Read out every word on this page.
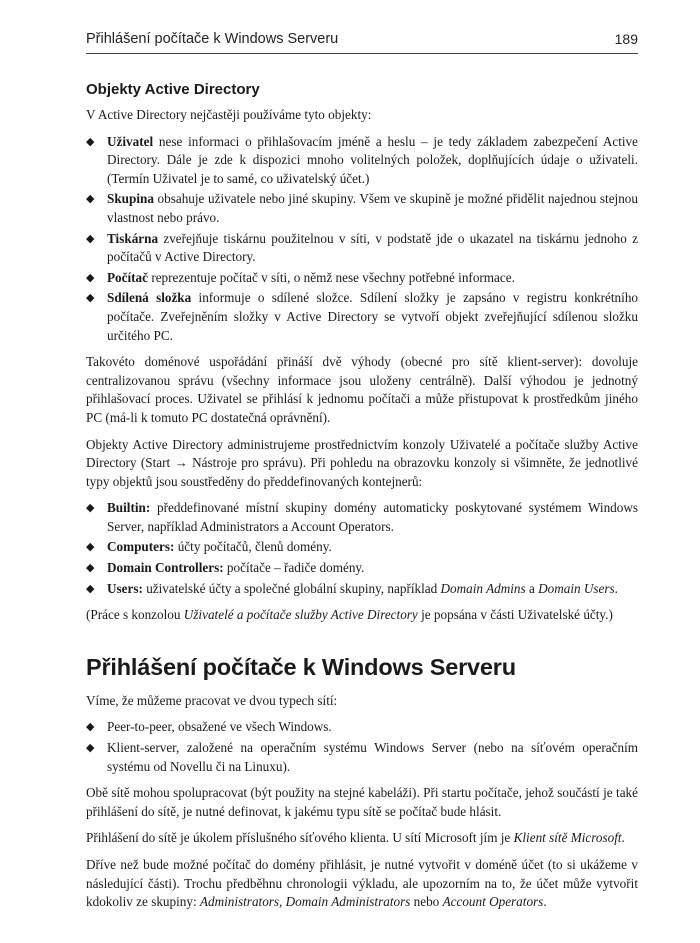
Přihlášení počítače k Windows Serveru	189
Objekty Active Directory

V Active Directory nejčastěji používáme tyto objekty:

◆ Uživatel nese informaci o přihlašovacím jméně a heslu – je tedy základem zabezpečení Active Directory. Dále je zde k dispozici mnoho volitelných položek, doplňujících údaje o uživateli. (Termín Uživatel je to samé, co uživatelský účet.)
◆ Skupina obsahuje uživatele nebo jiné skupiny. Všem ve skupině je možné přidělit najednou stejnou vlastnost nebo právo.
◆ Tiskárna zveřejňuje tiskárnu použitelnou v síti, v podstatě jde o ukazatel na tiskárnu jednoho z počítačů v Active Directory.
◆ Počítač reprezentuje počítač v síti, o němž nese všechny potřebné informace.
◆ Sdílená složka informuje o sdílené složce. Sdílení složky je zapsáno v registru konkrétního počítače. Zveřejněním složky v Active Directory se vytvoří objekt zveřejňující sdílenou složku určitého PC.

Takovéto doménové uspořádání přináší dvě výhody (obecné pro sítě klient-server): dovoluje centralizovanou správu (všechny informace jsou uloženy centrálně). Další výhodou je jednotný přihlašovací proces. Uživatel se přihlásí k jednomu počítači a může přistupovat k prostředkům jiného PC (má-li k tomuto PC dostatečná oprávnění).

Objekty Active Directory administrujeme prostřednictvím konzoly Uživatelé a počítače služby Active Directory (Start → Nástroje pro správu). Při pohledu na obrazovku konzoly si všimněte, že jednotlivé typy objektů jsou soustředěny do předdefinovaných kontejnerů:

◆ Builtin: předdefinované místní skupiny domény automaticky poskytované systémem Windows Server, například Administrators a Account Operators.
◆ Computers: účty počítačů, členů domény.
◆ Domain Controllers: počítače – řadiče domény.
◆ Users: uživatelské účty a společné globální skupiny, například Domain Admins a Domain Users.

(Práce s konzolou Uživatelé a počítače služby Active Directory je popsána v části Uživatelské účty.)

Přihlášení počítače k Windows Serveru

Víme, že můžeme pracovat ve dvou typech sítí:

◆ Peer-to-peer, obsažené ve všech Windows.
◆ Klient-server, založené na operačním systému Windows Server (nebo na síťovém operačním systému od Novellu či na Linuxu).

Obě sítě mohou spolupracovat (být použity na stejné kabeláži). Při startu počítače, jehož součástí je také přihlášení do sítě, je nutné definovat, k jakému typu sítě se počítač bude hlásit.

Přihlášení do sítě je úkolem příslušného síťového klienta. U sítí Microsoft jím je Klient sítě Microsoft.

Dříve než bude možné počítač do domény přihlásit, je nutné vytvořit v doméně účet (to si ukážeme v následující části). Trochu předběhnu chronologii výkladu, ale upozorním na to, že účet může vytvořit kdokoliv ze skupiny: Administrators, Domain Administrators nebo Account Operators.
